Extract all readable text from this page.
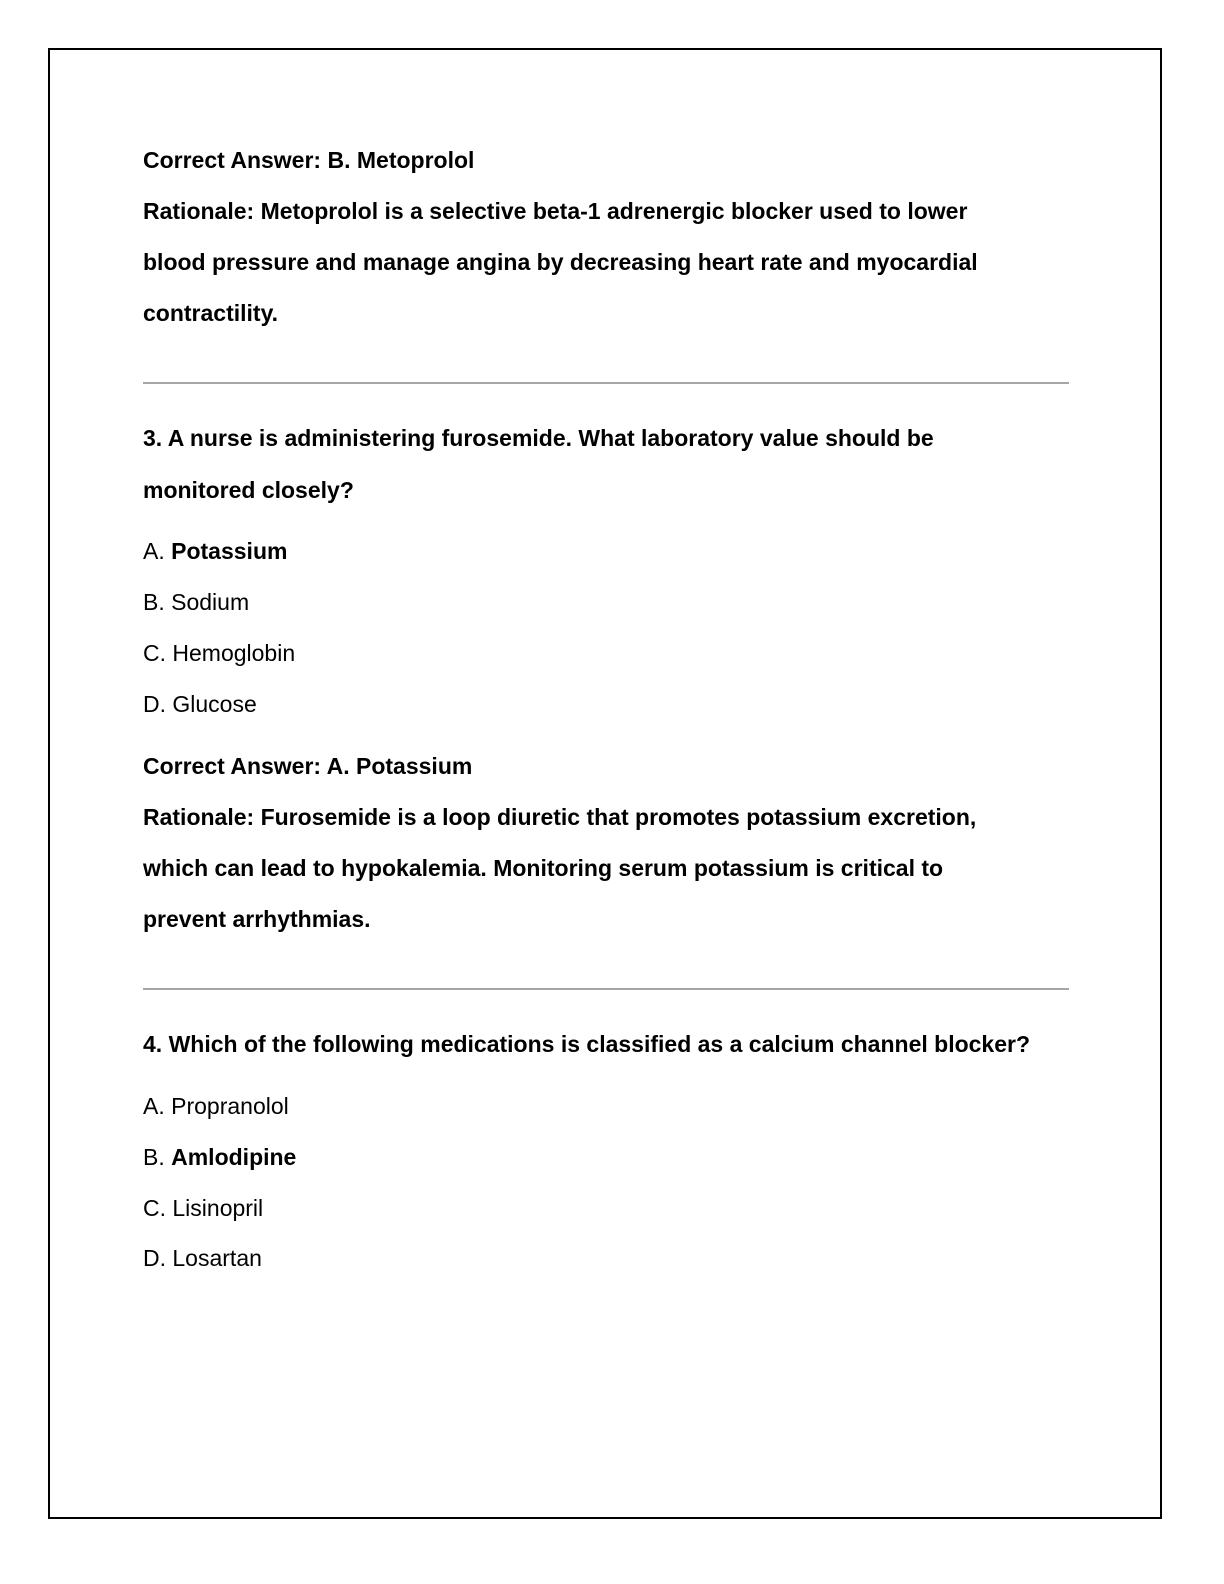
Correct Answer: B. Metoprolol
Rationale: Metoprolol is a selective beta-1 adrenergic blocker used to lower
blood pressure and manage angina by decreasing heart rate and myocardial
contractility.
3. A nurse is administering furosemide. What laboratory value should be
monitored closely?
A. Potassium
B. Sodium
C. Hemoglobin
D. Glucose
Correct Answer: A. Potassium
Rationale: Furosemide is a loop diuretic that promotes potassium excretion,
which can lead to hypokalemia. Monitoring serum potassium is critical to
prevent arrhythmias.
4. Which of the following medications is classified as a calcium channel blocker?
A. Propranolol
B. Amlodipine
C. Lisinopril
D. Losartan
